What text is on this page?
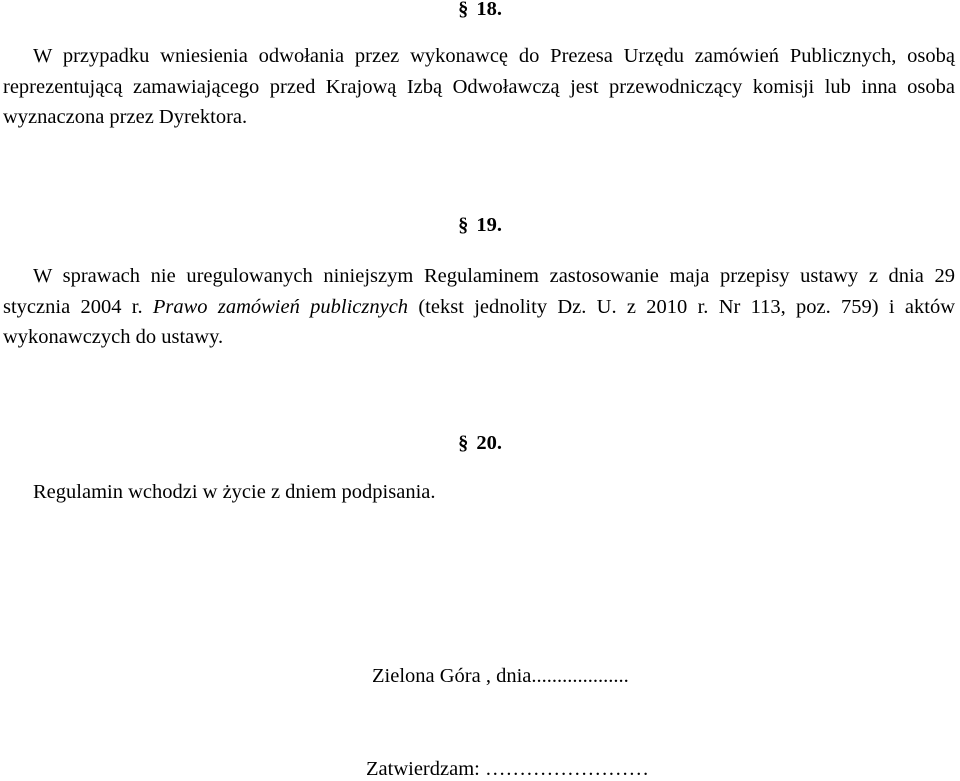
§ 18.
W przypadku wniesienia odwołania przez wykonawcę do Prezesa Urzędu zamówień Publicznych, osobą reprezentującą zamawiającego przed Krajową Izbą Odwoławczą jest przewodniczący komisji lub inna osoba wyznaczona przez Dyrektora.
§ 19.
W sprawach nie uregulowanych niniejszym Regulaminem zastosowanie maja przepisy ustawy z dnia 29 stycznia 2004 r. Prawo zamówień publicznych (tekst jednolity Dz. U. z 2010 r. Nr 113, poz. 759) i aktów wykonawczych do ustawy.
§ 20.
Regulamin wchodzi w życie z dniem podpisania.
Zielona Góra , dnia...................
Zatwierdzam: ……………………
